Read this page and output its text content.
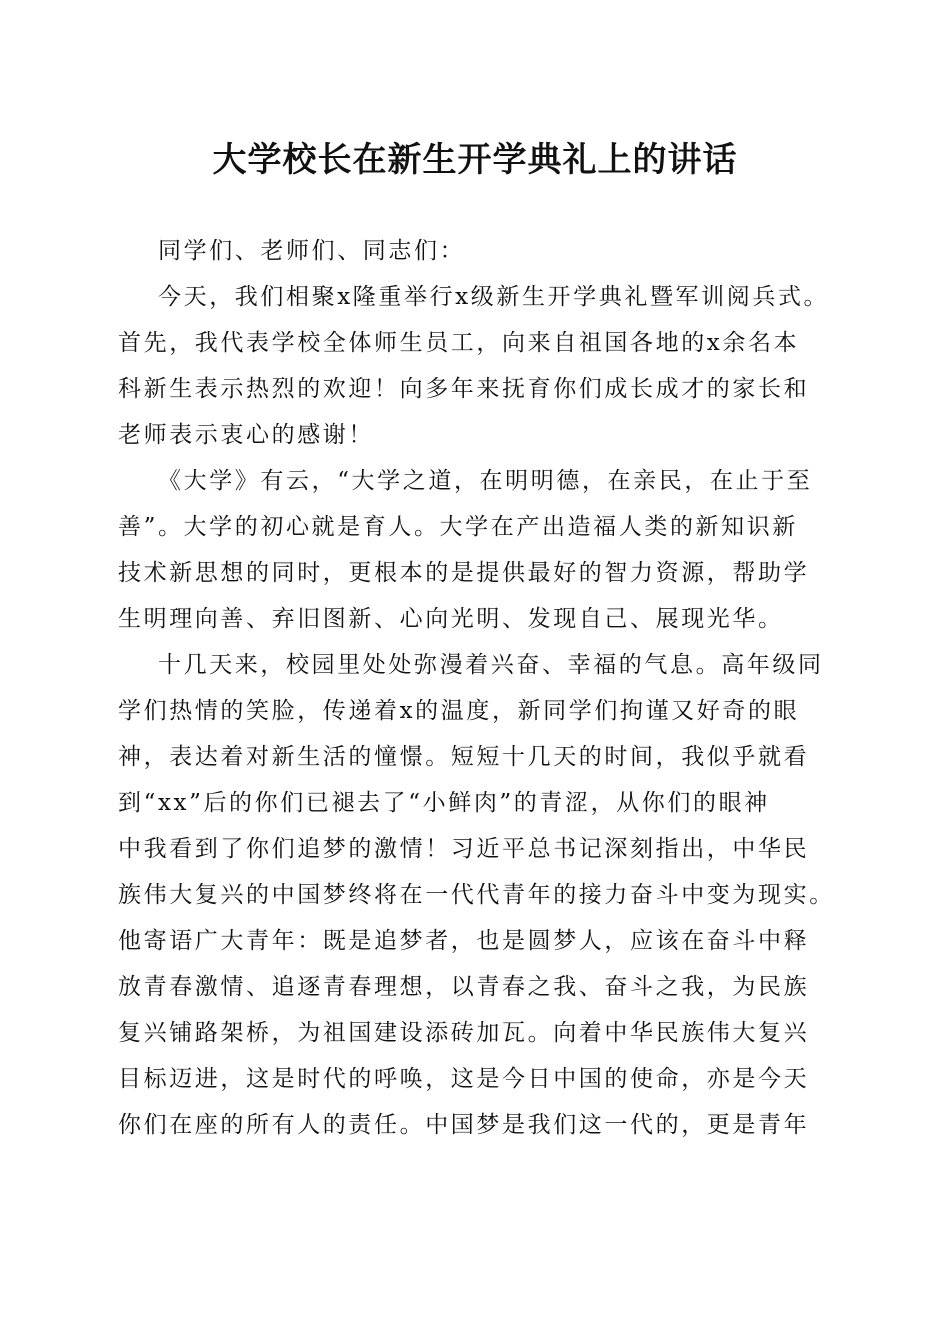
大学校长在新生开学典礼上的讲话
同学们、老师们、同志们：
今天，我们相聚x隆重举行x级新生开学典礼暨军训阅兵式。
首先，我代表学校全体师生员工，向来自祖国各地的x余名本
科新生表示热烈的欢迎！向多年来抚育你们成长成才的家长和
老师表示衷心的感谢！
《大学》有云，“大学之道，在明明德，在亲民，在止于至
善”。大学的初心就是育人。大学在产出造福人类的新知识新
技术新思想的同时，更根本的是提供最好的智力资源，帮助学
生明理向善、弃旧图新、心向光明、发现自己、展现光华。
十几天来，校园里处处弥漫着兴奋、幸福的气息。高年级同
学们热情的笑脸，传递着x的温度，新同学们拘谨又好奇的眼
神，表达着对新生活的憧憬。短短十几天的时间，我似乎就看
到“xx”后的你们已褪去了“小鲜肉”的青涩，从你们的眼神
中我看到了你们追梦的激情！习近平总书记深刻指出，中华民
族伟大复兴的中国梦终将在一代代青年的接力奋斗中变为现实。
他寄语广大青年：既是追梦者，也是圆梦人，应该在奋斗中释
放青春激情、追逐青春理想，以青春之我、奋斗之我，为民族
复兴铺路架桥，为祖国建设添砖加瓦。向着中华民族伟大复兴
目标迈进，这是时代的呼唤，这是今日中国的使命，亦是今天
你们在座的所有人的责任。中国梦是我们这一代的，更是青年
